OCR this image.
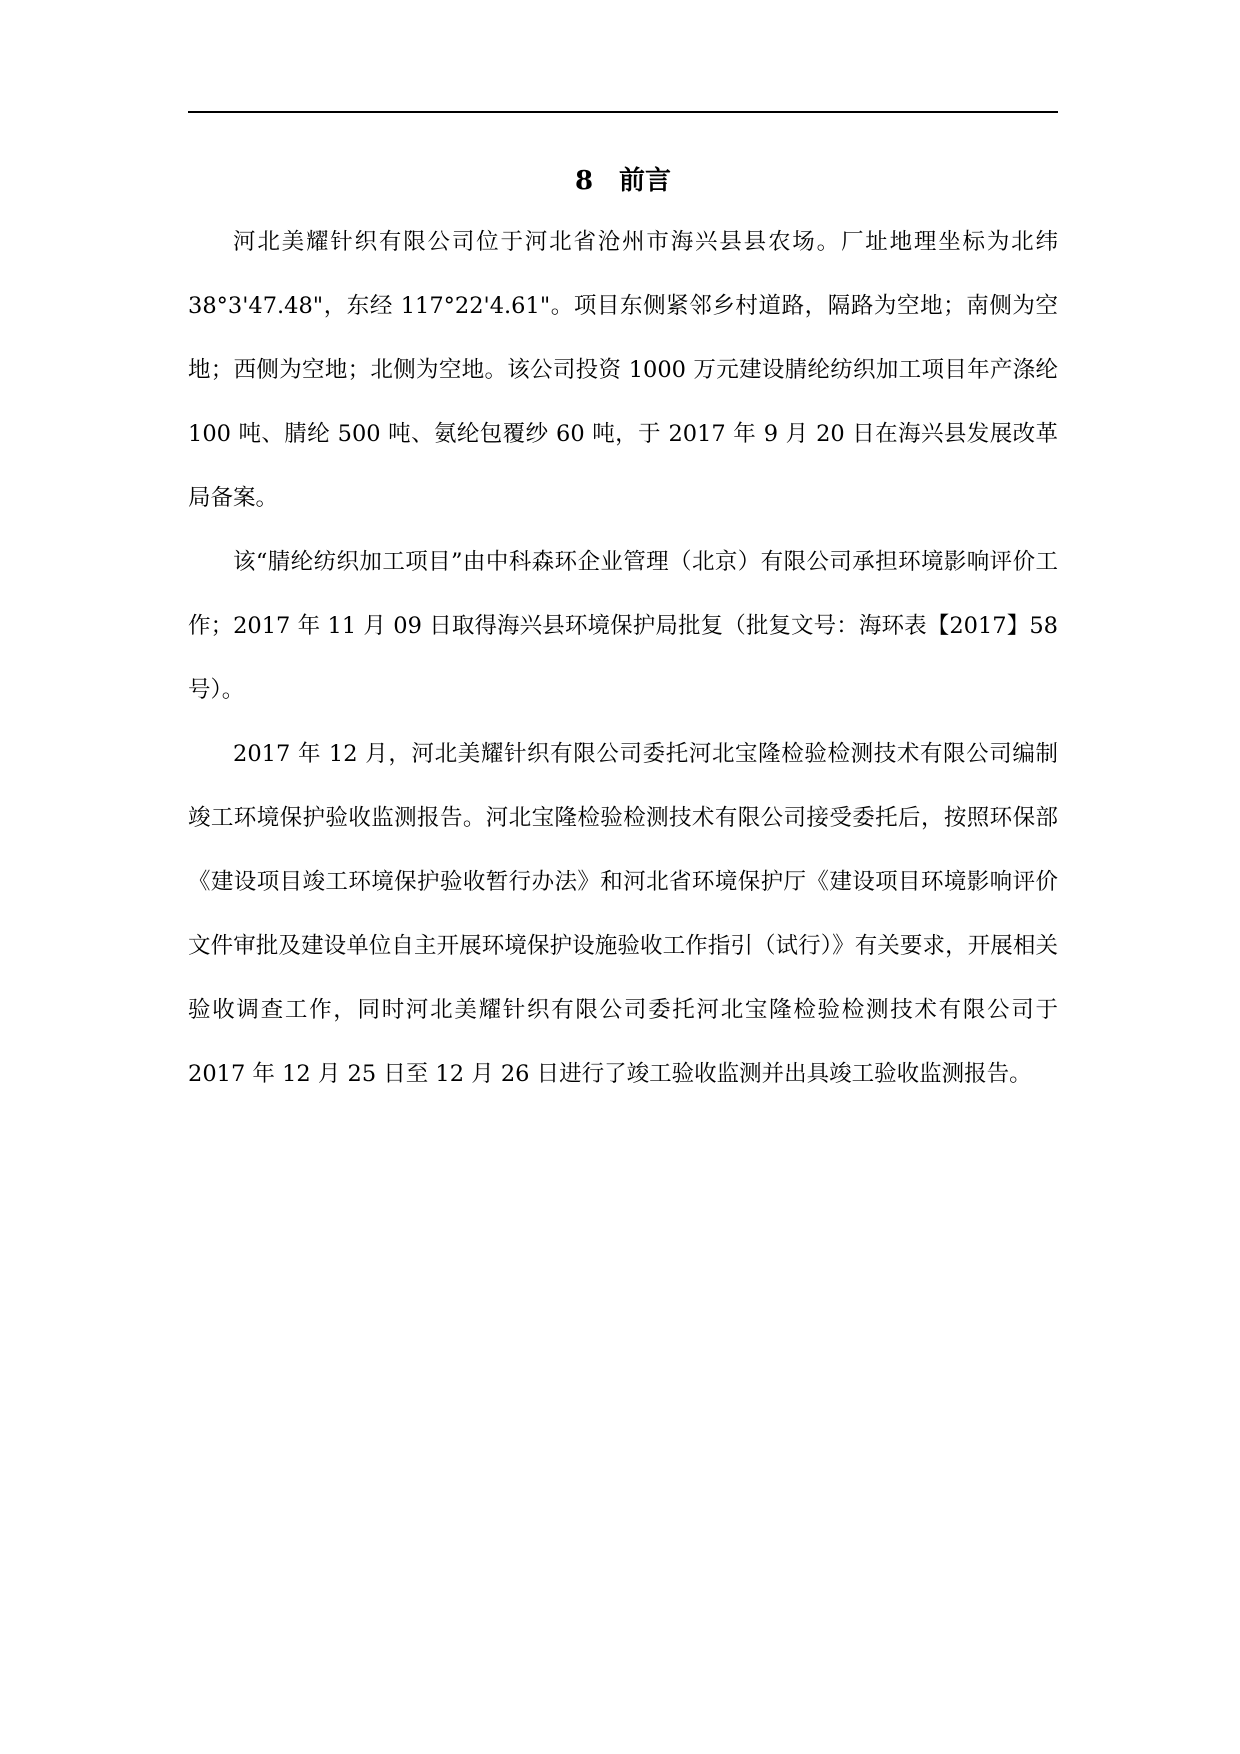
8 前言

河北美耀针织有限公司位于河北省沧州市海兴县县农场。厂址地理坐标为北纬 38°3'47.48"，东经 117°22'4.61"。项目东侧紧邻乡村道路，隔路为空地；南侧为空地；西侧为空地；北侧为空地。该公司投资 1000 万元建设腈纶纺织加工项目年产涤纶 100 吨、腈纶 500 吨、氨纶包覆纱 60 吨，于 2017 年 9 月 20 日在海兴县发展改革局备案。

该“腈纶纺织加工项目”由中科森环企业管理（北京）有限公司承担环境影响评价工作；2017 年 11 月 09 日取得海兴县环境保护局批复（批复文号：海环表【2017】58 号）。

2017 年 12 月，河北美耀针织有限公司委托河北宝隆检验检测技术有限公司编制竣工环境保护验收监测报告。河北宝隆检验检测技术有限公司接受委托后，按照环保部《建设项目竣工环境保护验收暂行办法》和河北省环境保护厅《建设项目环境影响评价文件审批及建设单位自主开展环境保护设施验收工作指引（试行）》有关要求，开展相关验收调查工作，同时河北美耀针织有限公司委托河北宝隆检验检测技术有限公司于 2017 年 12 月 25 日至 12 月 26 日进行了竣工验收监测并出具竣工验收监测报告。
